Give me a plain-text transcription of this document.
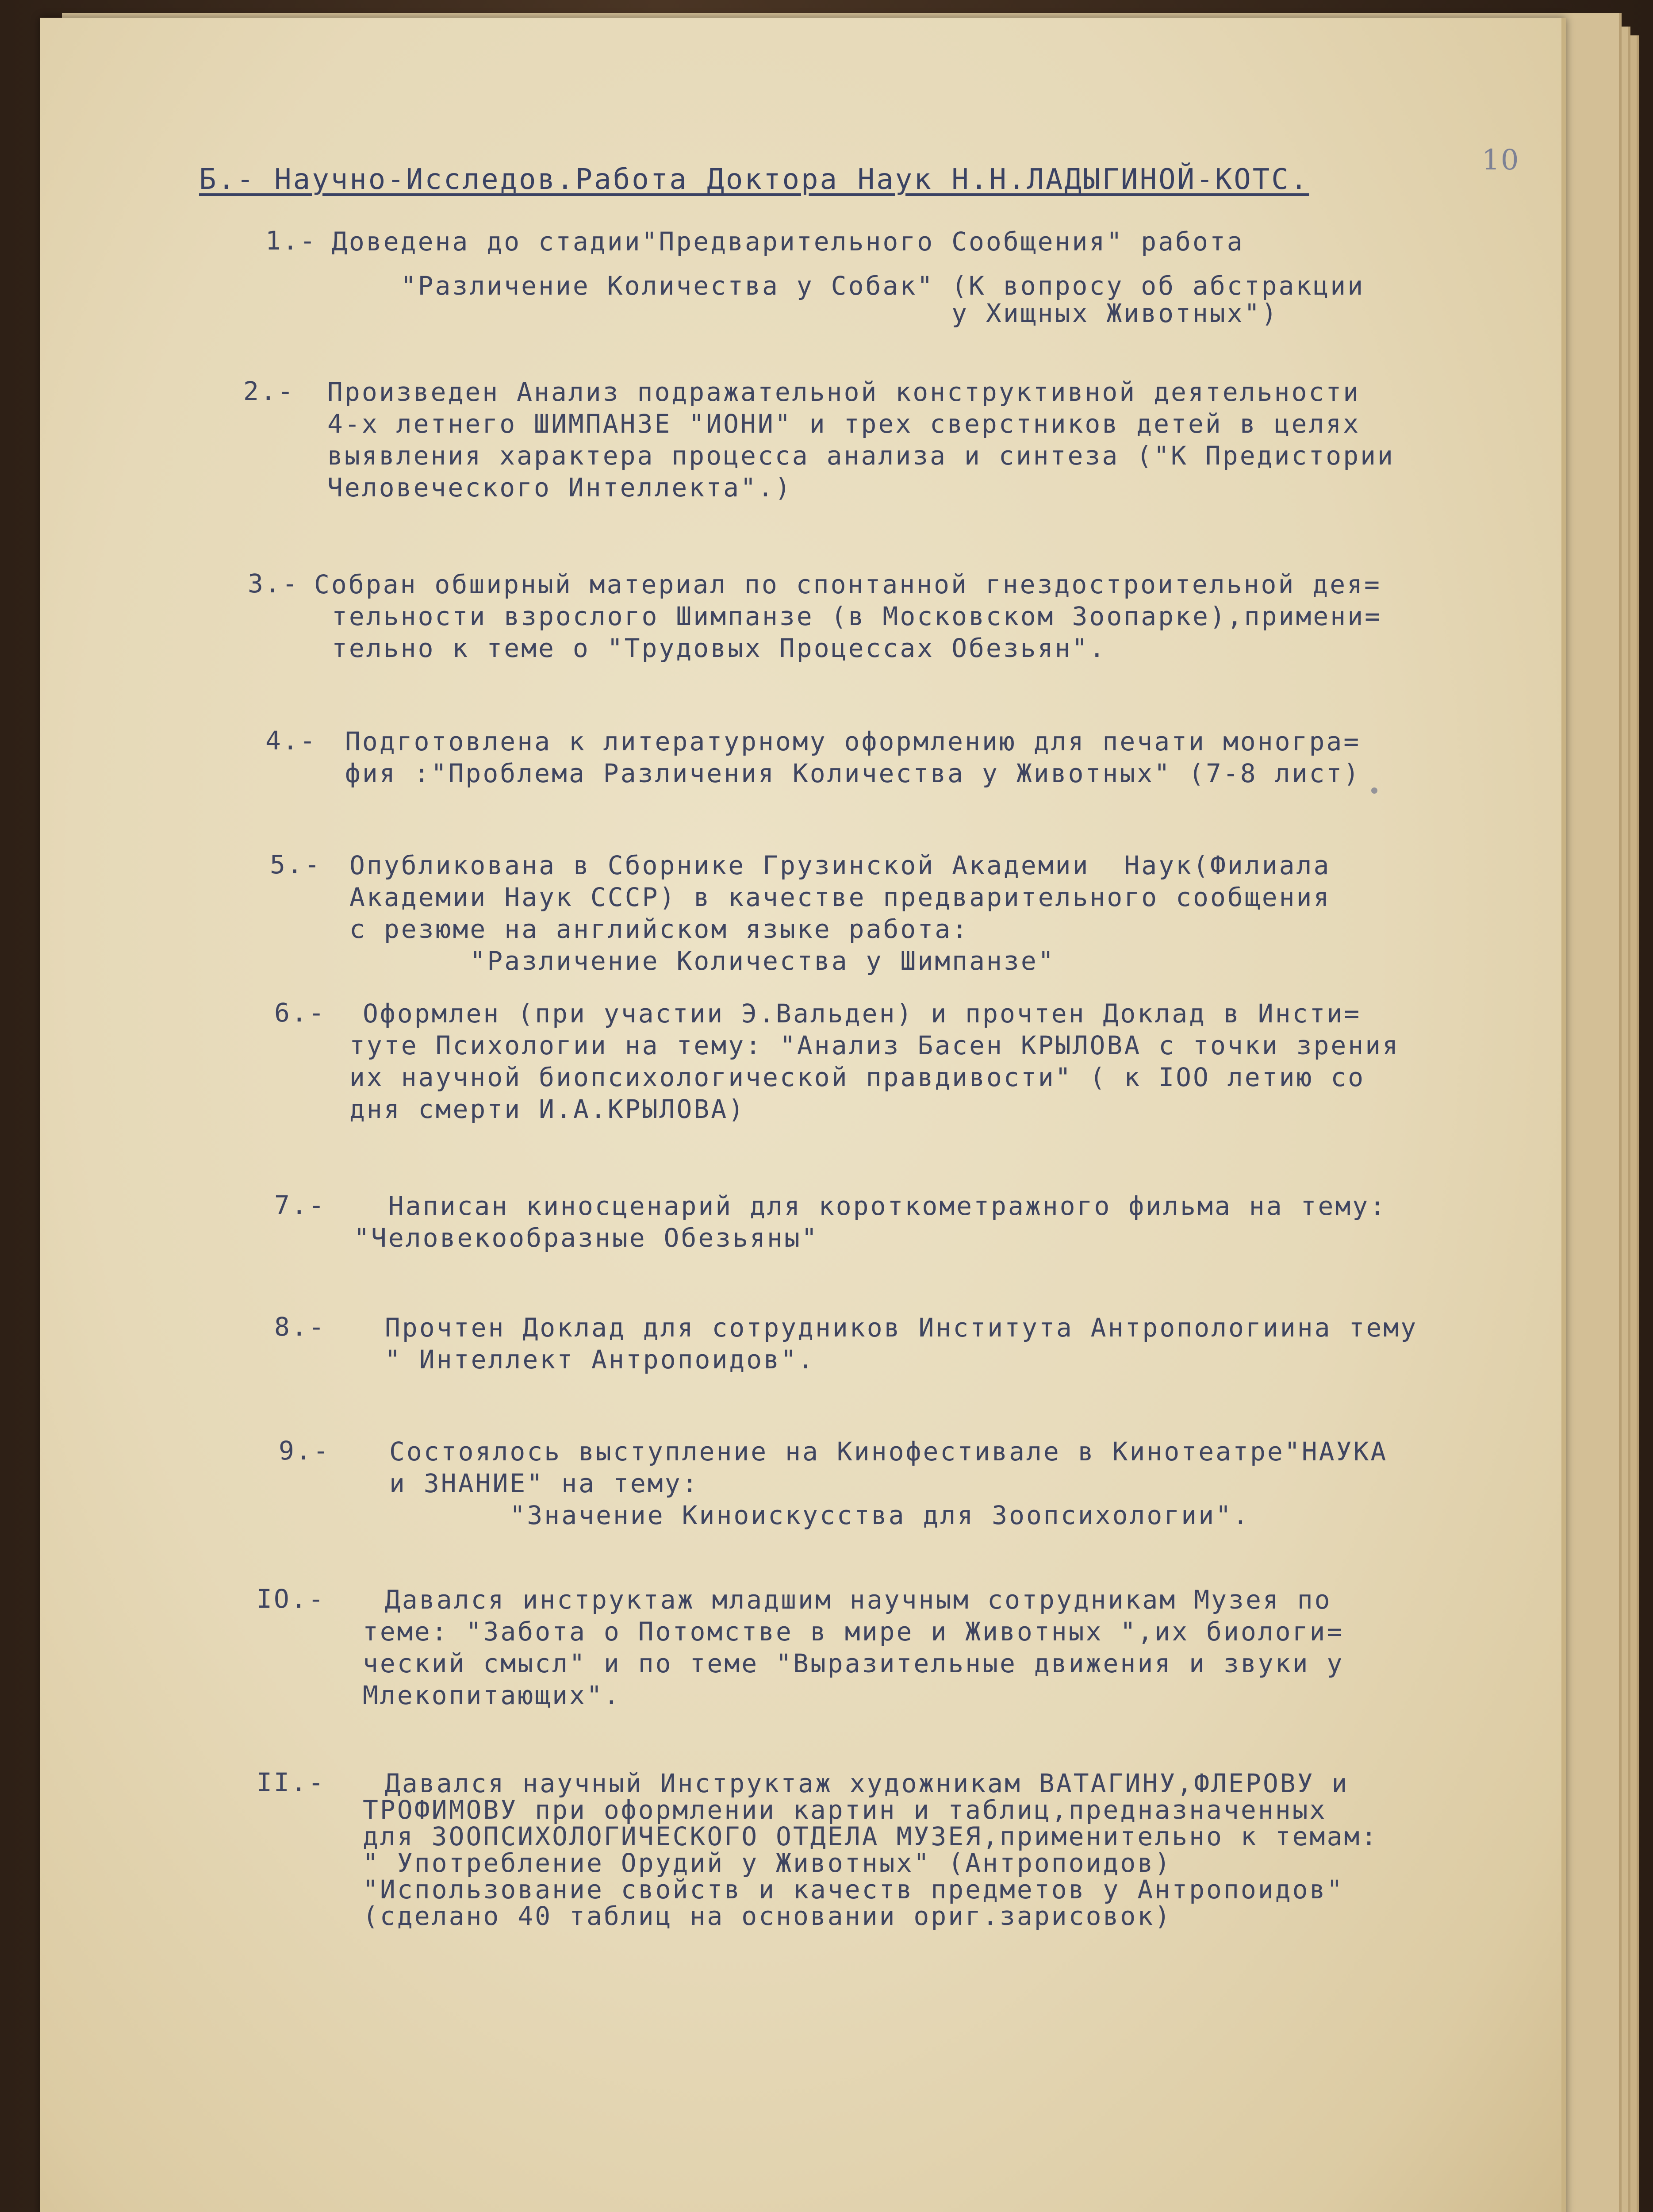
10
Б.- Научно-Исследов.Работа Доктора Наук Н.Н.ЛАДЫГИНОЙ-КОТС.
1.- Доведена до стадии"Предварительного Сообщения" работа
"Различение Количества у Собак" (К вопросу об абстракции
у Хищных Животных")
2.- Произведен Анализ подражательной конструктивной деятельности
4-х летнего ШИМПАНЗЕ "ИОНИ" и трех сверстников детей в целях
выявления характера процесса анализа и синтеза ("К Предистории
Человеческого Интеллекта".)
3.- Собран обширный материал по спонтанной гнездостроительной дея=
тельности взрослого Шимпанзе (в Московском Зоопарке),примени=
тельно к теме о "Трудовых Процессах Обезьян".
4.- Подготовлена к литературному оформлению для печати моногра=
фия :"Проблема Различения Количества у Животных" (7-8 лист)
5.- Опубликована в Сборнике Грузинской Академии  Наук(Филиала
Академии Наук СССР) в качестве предварительного сообщения
с резюме на английском языке работа:
"Различение Количества у Шимпанзе"
6.- Оформлен (при участии Э.Вальден) и прочтен Доклад в Инсти=
туте Психологии на тему: "Анализ Басен КРЫЛОВА с точки зрения
их научной биопсихологической правдивости" ( к IOO летию со
дня смерти И.А.КРЫЛОВА)
7.- Написан киносценарий для короткометражного фильма на тему:
"Человекообразные Обезьяны"
8.- Прочтен Доклад для сотрудников Института Антропологиина тему
" Интеллект Антропоидов".
9.- Состоялось выступление на Кинофестивале в Кинотеатре"НАУКА
и ЗНАНИЕ" на тему:
"Значение Киноискусства для Зоопсихологии".
IO.- Давался инструктаж младшим научным сотрудникам Музея по
теме: "Забота о Потомстве в мире и Животных ",их биологи=
ческий смысл" и по теме "Выразительные движения и звуки у
Млекопитающих".
II.- Давался научный Инструктаж художникам ВАТАГИНУ,ФЛЕРОВУ и
ТРОФИМОВУ при оформлении картин и таблиц,предназначенных
для ЗООПСИХОЛОГИЧЕСКОГО ОТДЕЛА МУЗЕЯ,применительно к темам:
" Употребление Орудий у Животных" (Антропоидов)
"Использование свойств и качеств предметов у Антропоидов"
(сделано 40 таблиц на основании ориг.зарисовок)
